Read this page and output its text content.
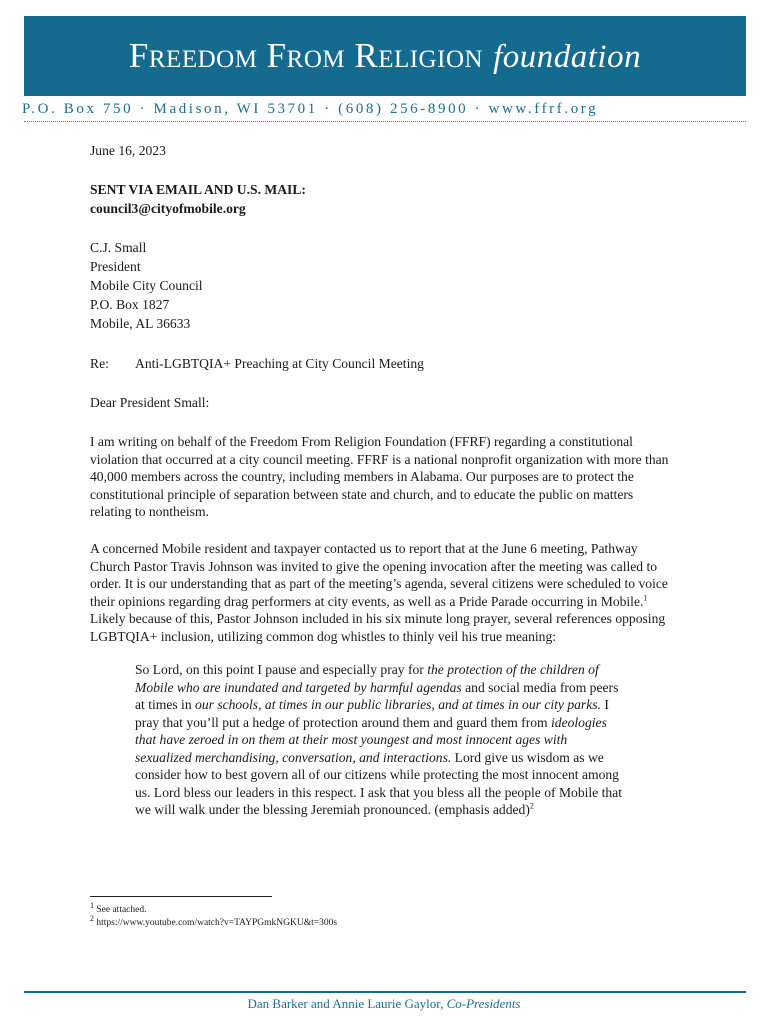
Freedom From Religion foundation
P.O. Box 750 · Madison, WI 53701 · (608) 256-8900 · www.ffrf.org
June 16, 2023
SENT VIA EMAIL AND U.S. MAIL:
council3@cityofmobile.org
C.J. Small
President
Mobile City Council
P.O. Box 1827
Mobile, AL 36633
Re: Anti-LGBTQIA+ Preaching at City Council Meeting
Dear President Small:
I am writing on behalf of the Freedom From Religion Foundation (FFRF) regarding a constitutional
violation that occurred at a city council meeting. FFRF is a national nonprofit organization with more than
40,000 members across the country, including members in Alabama. Our purposes are to protect the
constitutional principle of separation between state and church, and to educate the public on matters
relating to nontheism.
A concerned Mobile resident and taxpayer contacted us to report that at the June 6 meeting, Pathway
Church Pastor Travis Johnson was invited to give the opening invocation after the meeting was called to
order. It is our understanding that as part of the meeting’s agenda, several citizens were scheduled to voice
their opinions regarding drag performers at city events, as well as a Pride Parade occurring in Mobile.$^1$
Likely because of this, Pastor Johnson included in his six minute long prayer, several references opposing
LGBTQIA+ inclusion, utilizing common dog whistles to thinly veil his true meaning:
So Lord, on this point I pause and especially pray for the protection of the children of
Mobile who are inundated and targeted by harmful agendas and social media from peers
at times in our schools, at times in our public libraries, and at times in our city parks. I
pray that you’ll put a hedge of protection around them and guard them from ideologies
that have zeroed in on them at their most youngest and most innocent ages with
sexualized merchandising, conversation, and interactions. Lord give us wisdom as we
consider how to best govern all of our citizens while protecting the most innocent among
us. Lord bless our leaders in this respect. I ask that you bless all the people of Mobile that
we will walk under the blessing Jeremiah pronounced. (emphasis added)$^2$
$^1$ See attached.
$^2$ https://www.youtube.com/watch?v=TAYPGmkNGKU&t=300s
Dan Barker and Annie Laurie Gaylor, Co-Presidents
